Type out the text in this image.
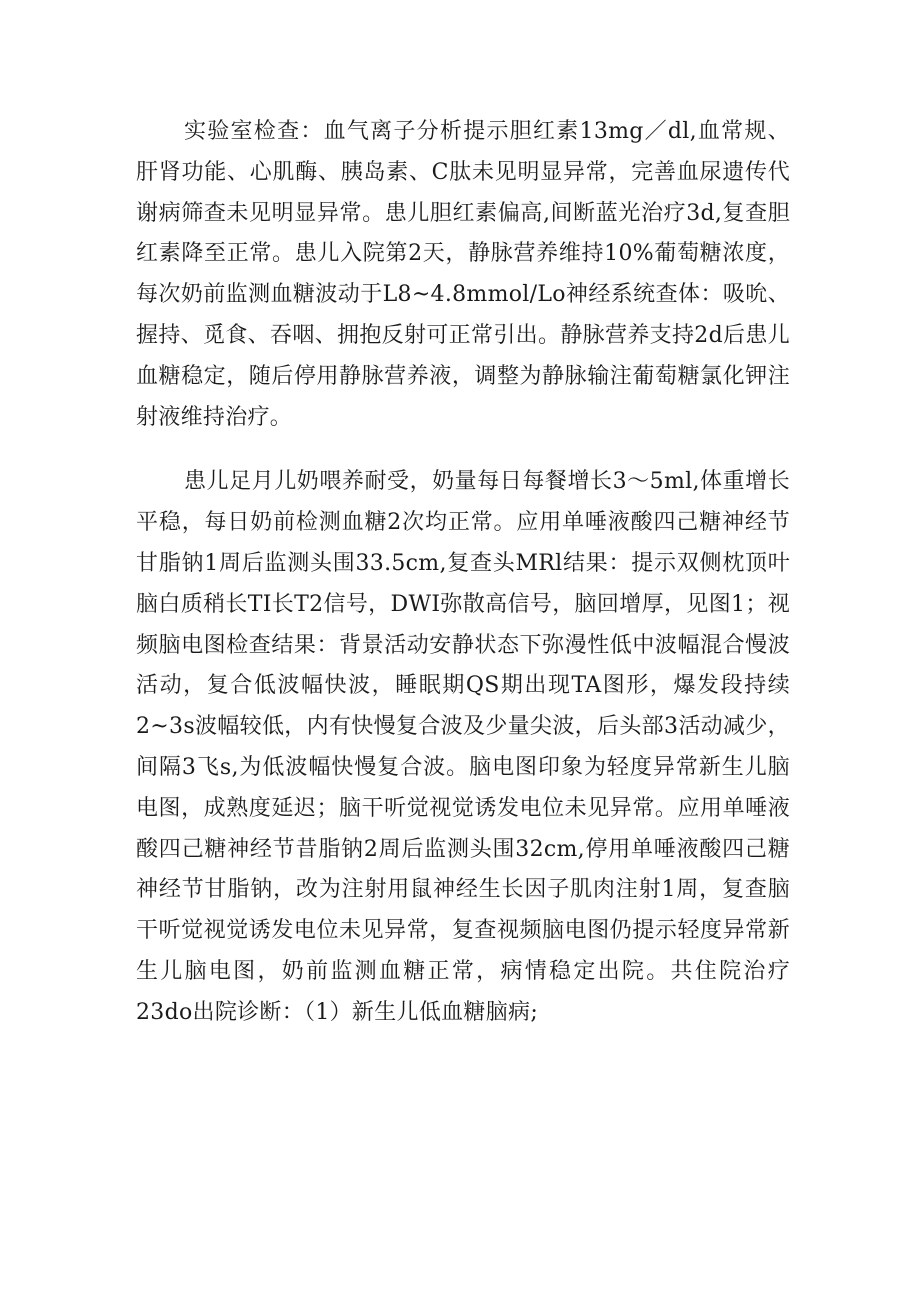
实验室检查：血气离子分析提示胆红素13mg／dl,血常规、肝肾功能、心肌酶、胰岛素、C肽未见明显异常，完善血尿遗传代谢病筛查未见明显异常。患儿胆红素偏高,间断蓝光治疗3d,复查胆红素降至正常。患儿入院第2天，静脉营养维持10%葡萄糖浓度，每次奶前监测血糖波动于L8~4.8mmol/Lo神经系统查体：吸吮、握持、觅食、吞咽、拥抱反射可正常引出。静脉营养支持2d后患儿血糖稳定，随后停用静脉营养液，调整为静脉输注葡萄糖氯化钾注射液维持治疗。

患儿足月儿奶喂养耐受，奶量每日每餐增长3～5ml,体重增长平稳，每日奶前检测血糖2次均正常。应用单唾液酸四己糖神经节甘脂钠1周后监测头围33.5cm,复查头MRl结果：提示双侧枕顶叶脑白质稍长TI长T2信号，DWI弥散高信号，脑回增厚，见图1；视频脑电图检查结果：背景活动安静状态下弥漫性低中波幅混合慢波活动，复合低波幅快波，睡眠期QS期出现TA图形，爆发段持续2~3s波幅较低，内有快慢复合波及少量尖波，后头部3活动减少，间隔3飞s,为低波幅快慢复合波。脑电图印象为轻度异常新生儿脑电图，成熟度延迟；脑干听觉视觉诱发电位未见异常。应用单唾液酸四己糖神经节昔脂钠2周后监测头围32cm,停用单唾液酸四己糖神经节甘脂钠，改为注射用鼠神经生长因子肌肉注射1周，复查脑干听觉视觉诱发电位未见异常，复查视频脑电图仍提示轻度异常新生儿脑电图，奶前监测血糖正常，病情稳定出院。共住院治疗23do出院诊断：（1）新生儿低血糖脑病;
